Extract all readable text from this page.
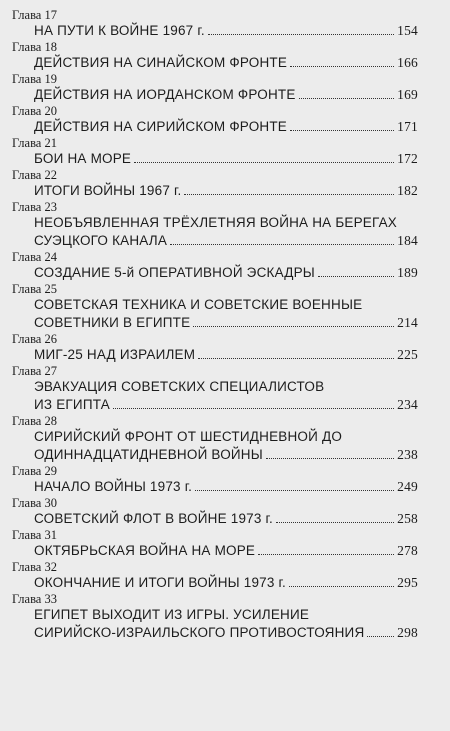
Глава 17
НА ПУТИ К ВОЙНЕ 1967 г.	154
Глава 18
ДЕЙСТВИЯ НА СИНАЙСКОМ ФРОНТЕ	166
Глава 19
ДЕЙСТВИЯ НА ИОРДАНСКОМ ФРОНТЕ	169
Глава 20
ДЕЙСТВИЯ НА СИРИЙСКОМ ФРОНТЕ	171
Глава 21
БОИ НА МОРЕ	172
Глава 22
ИТОГИ ВОЙНЫ 1967 г.	182
Глава 23
НЕОБЪЯВЛЕННАЯ ТРЁХЛЕТНЯЯ ВОЙНА НА БЕРЕГАХ
СУЭЦКОГО КАНАЛА	184
Глава 24
СОЗДАНИЕ 5-й ОПЕРАТИВНОЙ ЭСКАДРЫ	189
Глава 25
СОВЕТСКАЯ ТЕХНИКА И СОВЕТСКИЕ ВОЕННЫЕ
СОВЕТНИКИ В ЕГИПТЕ	214
Глава 26
МИГ-25 НАД ИЗРАИЛЕМ	225
Глава 27
ЭВАКУАЦИЯ СОВЕТСКИХ СПЕЦИАЛИСТОВ
ИЗ ЕГИПТА	234
Глава 28
СИРИЙСКИЙ ФРОНТ ОТ ШЕСТИДНЕВНОЙ ДО
ОДИННАДЦАТИДНЕВНОЙ ВОЙНЫ	238
Глава 29
НАЧАЛО ВОЙНЫ 1973 г.	249
Глава 30
СОВЕТСКИЙ ФЛОТ В ВОЙНЕ 1973 г.	258
Глава 31
ОКТЯБРЬСКАЯ ВОЙНА НА МОРЕ	278
Глава 32
ОКОНЧАНИЕ И ИТОГИ ВОЙНЫ 1973 г.	295
Глава 33
ЕГИПЕТ ВЫХОДИТ ИЗ ИГРЫ. УСИЛЕНИЕ
СИРИЙСКО-ИЗРАИЛЬСКОГО ПРОТИВОСТОЯНИЯ 298
